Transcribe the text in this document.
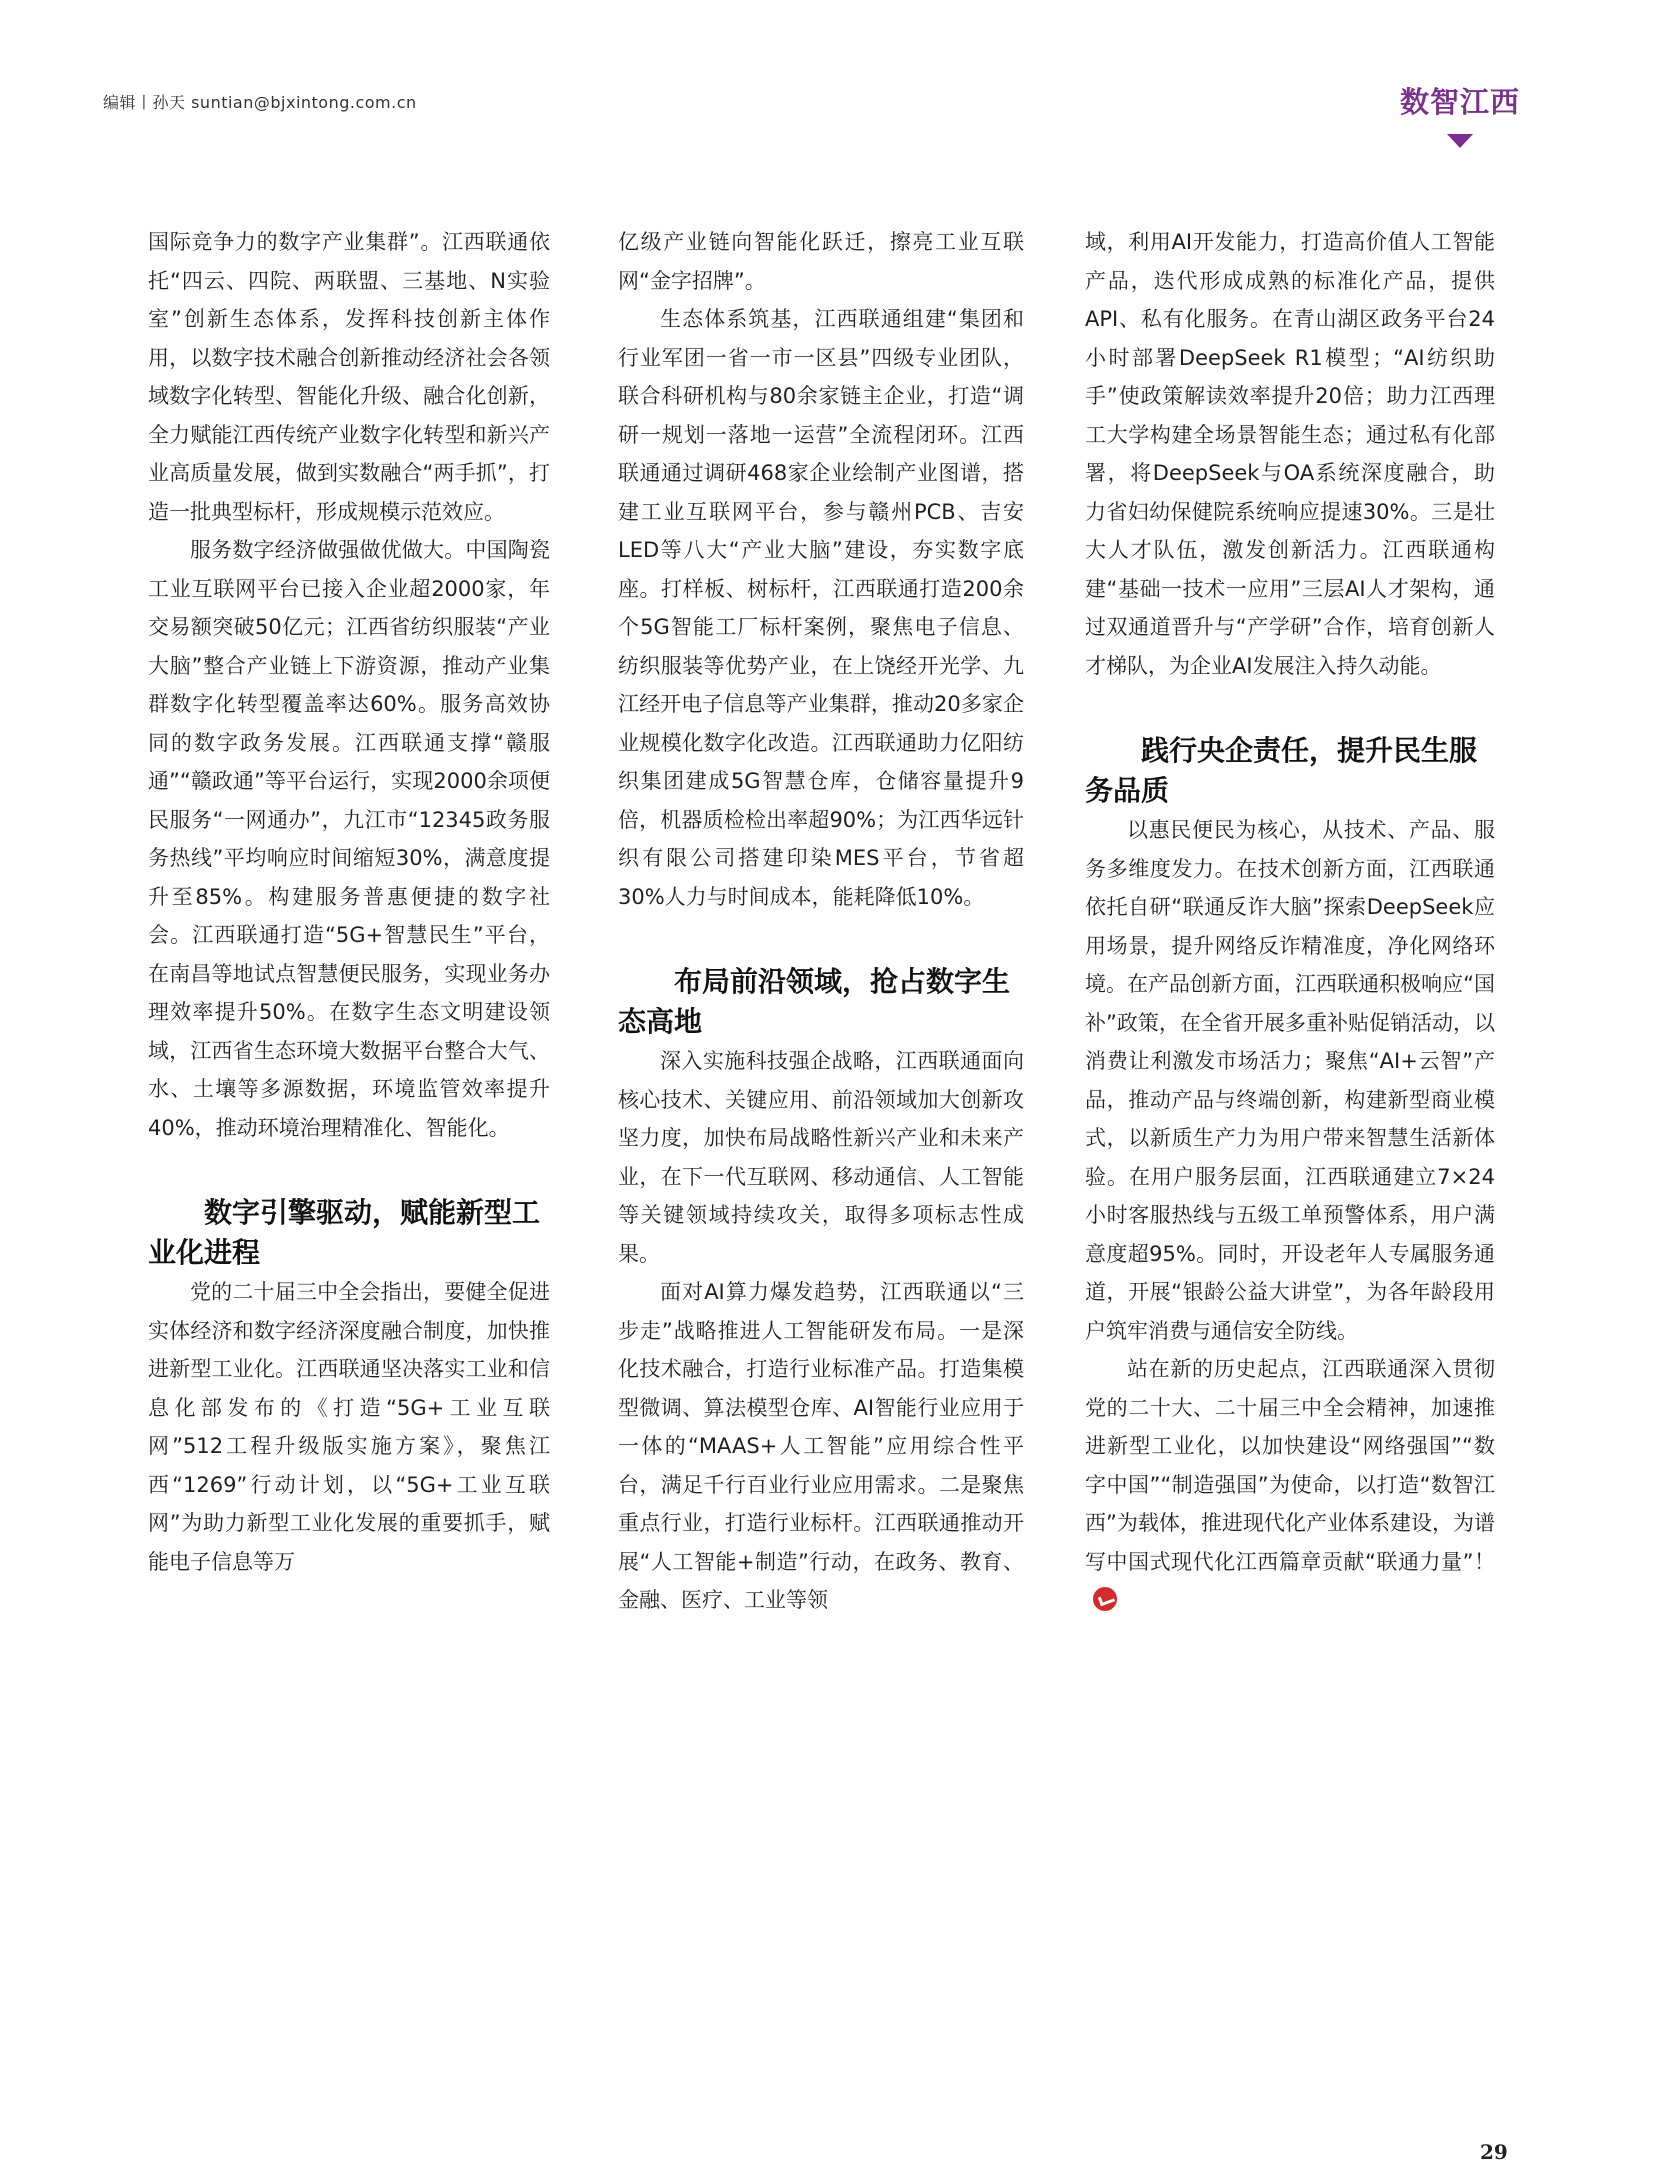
编辑丨孙天 suntian@bjxintong.com.cn	数智江西

国际竞争力的数字产业集群”。江西联通依托“四云、四院、两联盟、三基地、N实验室”创新生态体系，发挥科技创新主体作用，以数字技术融合创新推动经济社会各领域数字化转型、智能化升级、融合化创新，全力赋能江西传统产业数字化转型和新兴产业高质量发展，做到实数融合“两手抓”，打造一批典型标杆，形成规模示范效应。

服务数字经济做强做优做大。中国陶瓷工业互联网平台已接入企业超2000家，年交易额突破50亿元；江西省纺织服装“产业大脑”整合产业链上下游资源，推动产业集群数字化转型覆盖率达60%。服务高效协同的数字政务发展。江西联通支撑“赣服通”“赣政通”等平台运行，实现2000余项便民服务“一网通办”，九江市“12345政务服务热线”平均响应时间缩短30%，满意度提升至85%。构建服务普惠便捷的数字社会。江西联通打造“5G+智慧民生”平台，在南昌等地试点智慧便民服务，实现业务办理效率提升50%。在数字生态文明建设领域，江西省生态环境大数据平台整合大气、水、土壤等多源数据，环境监管效率提升40%，推动环境治理精准化、智能化。

数字引擎驱动，赋能新型工业化进程

党的二十届三中全会指出，要健全促进实体经济和数字经济深度融合制度，加快推进新型工业化。江西联通坚决落实工业和信息化部发布的《打造“5G+工业互联网”512工程升级版实施方案》，聚焦江西“1269”行动计划，以“5G+工业互联网”为助力新型工业化发展的重要抓手，赋能电子信息等万

亿级产业链向智能化跃迁，擦亮工业互联网“金字招牌”。

生态体系筑基，江西联通组建“集团和行业军团一省一市一区县”四级专业团队，联合科研机构与80余家链主企业，打造“调研一规划一落地一运营”全流程闭环。江西联通通过调研468家企业绘制产业图谱，搭建工业互联网平台，参与赣州PCB、吉安LED等八大“产业大脑”建设，夯实数字底座。打样板、树标杆，江西联通打造200余个5G智能工厂标杆案例，聚焦电子信息、纺织服装等优势产业，在上饶经开光学、九江经开电子信息等产业集群，推动20多家企业规模化数字化改造。江西联通助力亿阳纺织集团建成5G智慧仓库，仓储容量提升9倍，机器质检检出率超90%；为江西华远针织有限公司搭建印染MES平台，节省超30%人力与时间成本，能耗降低10%。

布局前沿领域，抢占数字生态高地

深入实施科技强企战略，江西联通面向核心技术、关键应用、前沿领域加大创新攻坚力度，加快布局战略性新兴产业和未来产业，在下一代互联网、移动通信、人工智能等关键领域持续攻关，取得多项标志性成果。

面对AI算力爆发趋势，江西联通以“三步走”战略推进人工智能研发布局。一是深化技术融合，打造行业标准产品。打造集模型微调、算法模型仓库、AI智能行业应用于一体的“MAAS+人工智能”应用综合性平台，满足千行百业行业应用需求。二是聚焦重点行业，打造行业标杆。江西联通推动开展“人工智能+制造”行动，在政务、教育、金融、医疗、工业等领

域，利用AI开发能力，打造高价值人工智能产品，迭代形成成熟的标准化产品，提供API、私有化服务。在青山湖区政务平台24小时部署DeepSeek R1模型；“AI纺织助手”使政策解读效率提升20倍；助力江西理工大学构建全场景智能生态；通过私有化部署，将DeepSeek与OA系统深度融合，助力省妇幼保健院系统响应提速30%。三是壮大人才队伍，激发创新活力。江西联通构建“基础一技术一应用”三层AI人才架构，通过双通道晋升与“产学研”合作，培育创新人才梯队，为企业AI发展注入持久动能。

践行央企责任，提升民生服务品质

以惠民便民为核心，从技术、产品、服务多维度发力。在技术创新方面，江西联通依托自研“联通反诈大脑”探索DeepSeek应用场景，提升网络反诈精准度，净化网络环境。在产品创新方面，江西联通积极响应“国补”政策，在全省开展多重补贴促销活动，以消费让利激发市场活力；聚焦“AI+云智”产品，推动产品与终端创新，构建新型商业模式，以新质生产力为用户带来智慧生活新体验。在用户服务层面，江西联通建立7×24小时客服热线与五级工单预警体系，用户满意度超95%。同时，开设老年人专属服务通道，开展“银龄公益大讲堂”，为各年龄段用户筑牢消费与通信安全防线。

站在新的历史起点，江西联通深入贯彻党的二十大、二十届三中全会精神，加速推进新型工业化，以加快建设“网络强国”“数字中国”“制造强国”为使命，以打造“数智江西”为载体，推进现代化产业体系建设，为谱写中国式现代化江西篇章贡献“联通力量”！

29
